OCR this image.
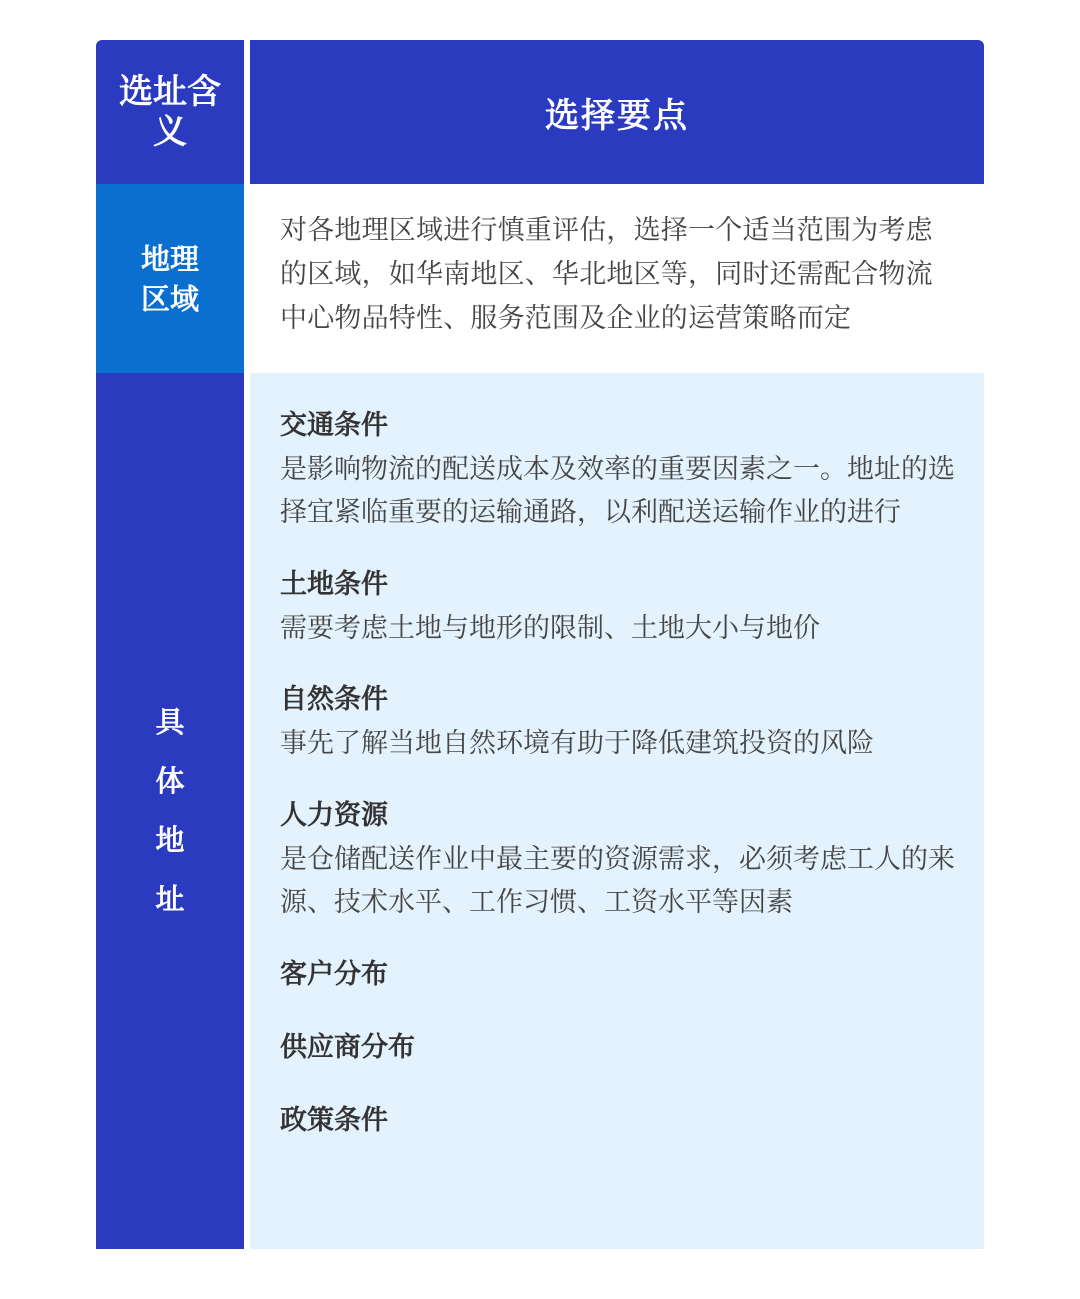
选址含义	选择要点
地理区域
对各地理区域进行慎重评估，选择一个适当范围为考虑的区域，如华南地区、华北地区等，同时还需配合物流中心物品特性、服务范围及企业的运营策略而定
具体地址
交通条件
是影响物流的配送成本及效率的重要因素之一。地址的选择宜紧临重要的运输通路，以利配送运输作业的进行
土地条件
需要考虑土地与地形的限制、土地大小与地价
自然条件
事先了解当地自然环境有助于降低建筑投资的风险
人力资源
是仓储配送作业中最主要的资源需求，必须考虑工人的来源、技术水平、工作习惯、工资水平等因素
客户分布
供应商分布
政策条件
